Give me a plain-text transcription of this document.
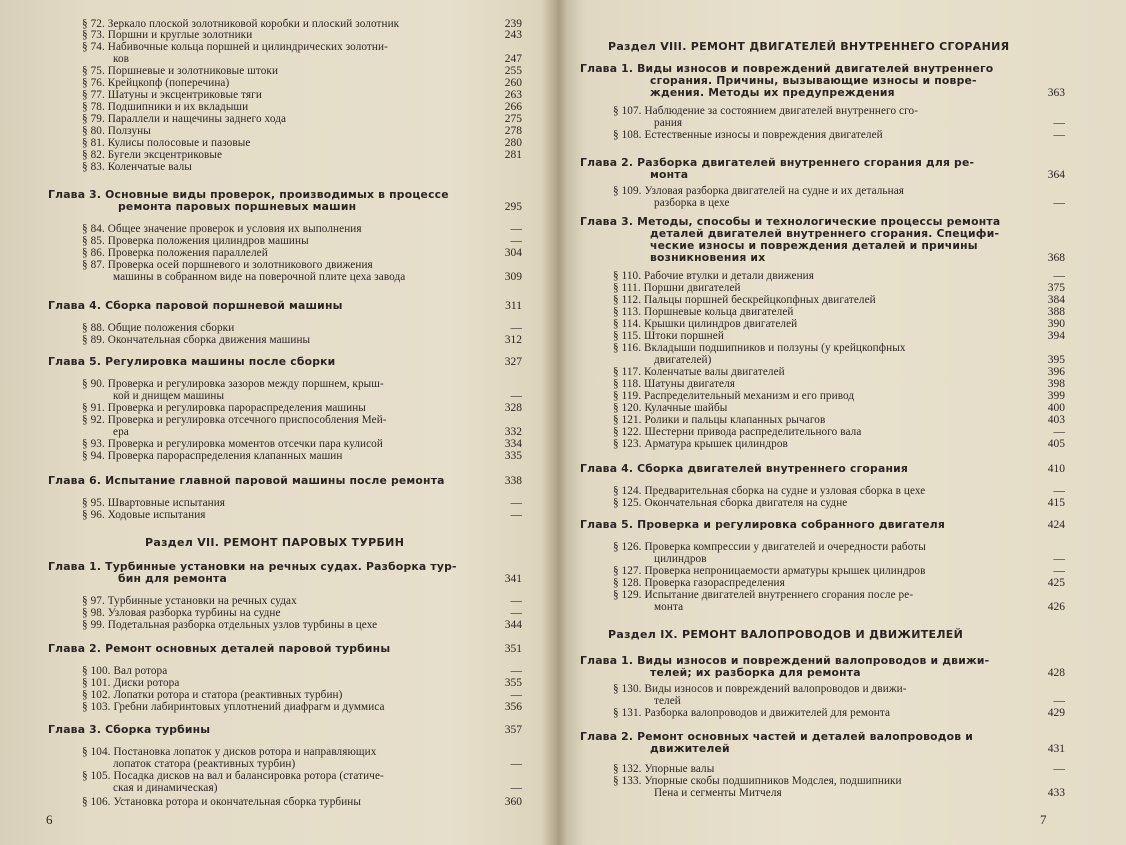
§ 72. Зеркало плоской золотниковой коробки и плоский золотник	239
§ 73. Поршни и круглые золотники	243
§ 74. Набивочные кольца поршней и цилиндрических золотни-
ков	247
§ 75. Поршневые и золотниковые штоки	255
§ 76. Крейцкопф (поперечина)	260
§ 77. Шатуны и эксцентриковые тяги	263
§ 78. Подшипники и их вкладыши	266
§ 79. Параллели и нащечины заднего хода	275
§ 80. Ползуны	278
§ 81. Кулисы полосовые и пазовые	280
§ 82. Бугели эксцентриковые	281
§ 83. Коленчатые валы
Глава 3. Основные виды проверок, производимых в процессе
ремонта паровых поршневых машин	295
§ 84. Общее значение проверок и условия их выполнения	—
§ 85. Проверка положения цилиндров машины	—
§ 86. Проверка положения параллелей	304
§ 87. Проверка осей поршневого и золотникового движения
машины в собранном виде на поверочной плите цеха завода	309
Глава 4. Сборка паровой поршневой машины	311
§ 88. Общие положения сборки	—
§ 89. Окончательная сборка движения машины	312
Глава 5. Регулировка машины после сборки	327
§ 90. Проверка и регулировка зазоров между поршнем, крыш-
кой и днищем машины	—
§ 91. Проверка и регулировка парораспределения машины	328
§ 92. Проверка и регулировка отсечного приспособления Мей-
ера	332
§ 93. Проверка и регулировка моментов отсечки пара кулисой	334
§ 94. Проверка парораспределения клапанных машин	335
Глава 6. Испытание главной паровой машины после ремонта	338
§ 95. Швартовные испытания	—
§ 96. Ходовые испытания	—
Раздел VII. РЕМОНТ ПАРОВЫХ ТУРБИН
Глава 1. Турбинные установки на речных судах. Разборка тур-
бин для ремонта	341
§ 97. Турбинные установки на речных судах	—
§ 98. Узловая разборка турбины на судне	—
§ 99. Подетальная разборка отдельных узлов турбины в цехе	344
Глава 2. Ремонт основных деталей паровой турбины	351
§ 100. Вал ротора	—
§ 101. Диски ротора	355
§ 102. Лопатки ротора и статора (реактивных турбин)	—
§ 103. Гребни лабиринтовых уплотнений диафрагм и думмиса	356
Глава 3. Сборка турбины	357
§ 104. Постановка лопаток у дисков ротора и направляющих
лопаток статора (реактивных турбин)	—
§ 105. Посадка дисков на вал и балансировка ротора (статиче-
ская и динамическая)	—
§ 106. Установка ротора и окончательная сборка турбины	360
Раздел VIII. РЕМОНТ ДВИГАТЕЛЕЙ ВНУТРЕННЕГО СГОРАНИЯ
Глава 1. Виды износов и повреждений двигателей внутреннего
сгорания. Причины, вызывающие износы и повре-
ждения. Методы их предупреждения	363
§ 107. Наблюдение за состоянием двигателей внутреннего сго-
рания	—
§ 108. Естественные износы и повреждения двигателей	—
Глава 2. Разборка двигателей внутреннего сгорания для ре-
монта	364
§ 109. Узловая разборка двигателей на судне и их детальная
разборка в цехе	—
Глава 3. Методы, способы и технологические процессы ремонта
деталей двигателей внутреннего сгорания. Специфи-
ческие износы и повреждения деталей и причины
возникновения их	368
§ 110. Рабочие втулки и детали движения	—
§ 111. Поршни двигателей	375
§ 112. Пальцы поршней бескрейцкопфных двигателей	384
§ 113. Поршневые кольца двигателей	388
§ 114. Крышки цилиндров двигателей	390
§ 115. Штоки поршней	394
§ 116. Вкладыши подшипников и ползуны (у крейцкопфных
двигателей)	395
§ 117. Коленчатые валы двигателей	396
§ 118. Шатуны двигателя	398
§ 119. Распределительный механизм и его привод	399
§ 120. Кулачные шайбы	400
§ 121. Ролики и пальцы клапанных рычагов	403
§ 122. Шестерни привода распределительного вала	—
§ 123. Арматура крышек цилиндров	405
Глава 4. Сборка двигателей внутреннего сгорания	410
§ 124. Предварительная сборка на судне и узловая сборка в цехе	—
§ 125. Окончательная сборка двигателя на судне	415
Глава 5. Проверка и регулировка собранного двигателя	424
§ 126. Проверка компрессии у двигателей и очередности работы
цилиндров	—
§ 127. Проверка непроницаемости арматуры крышек цилиндров	—
§ 128. Проверка газораспределения	425
§ 129. Испытание двигателей внутреннего сгорания после ре-
монта	426
Раздел IX. РЕМОНТ ВАЛОПРОВОДОВ И ДВИЖИТЕЛЕЙ
Глава 1. Виды износов и повреждений валопроводов и движи-
телей; их разборка для ремонта	428
§ 130. Виды износов и повреждений валопроводов и движи-
телей	—
§ 131. Разборка валопроводов и движителей для ремонта	429
Глава 2. Ремонт основных частей и деталей валопроводов и
движителей	431
§ 132. Упорные валы	—
§ 133. Упорные скобы подшипников Модслея, подшипники
Пена и сегменты Митчеля	433
6	7
